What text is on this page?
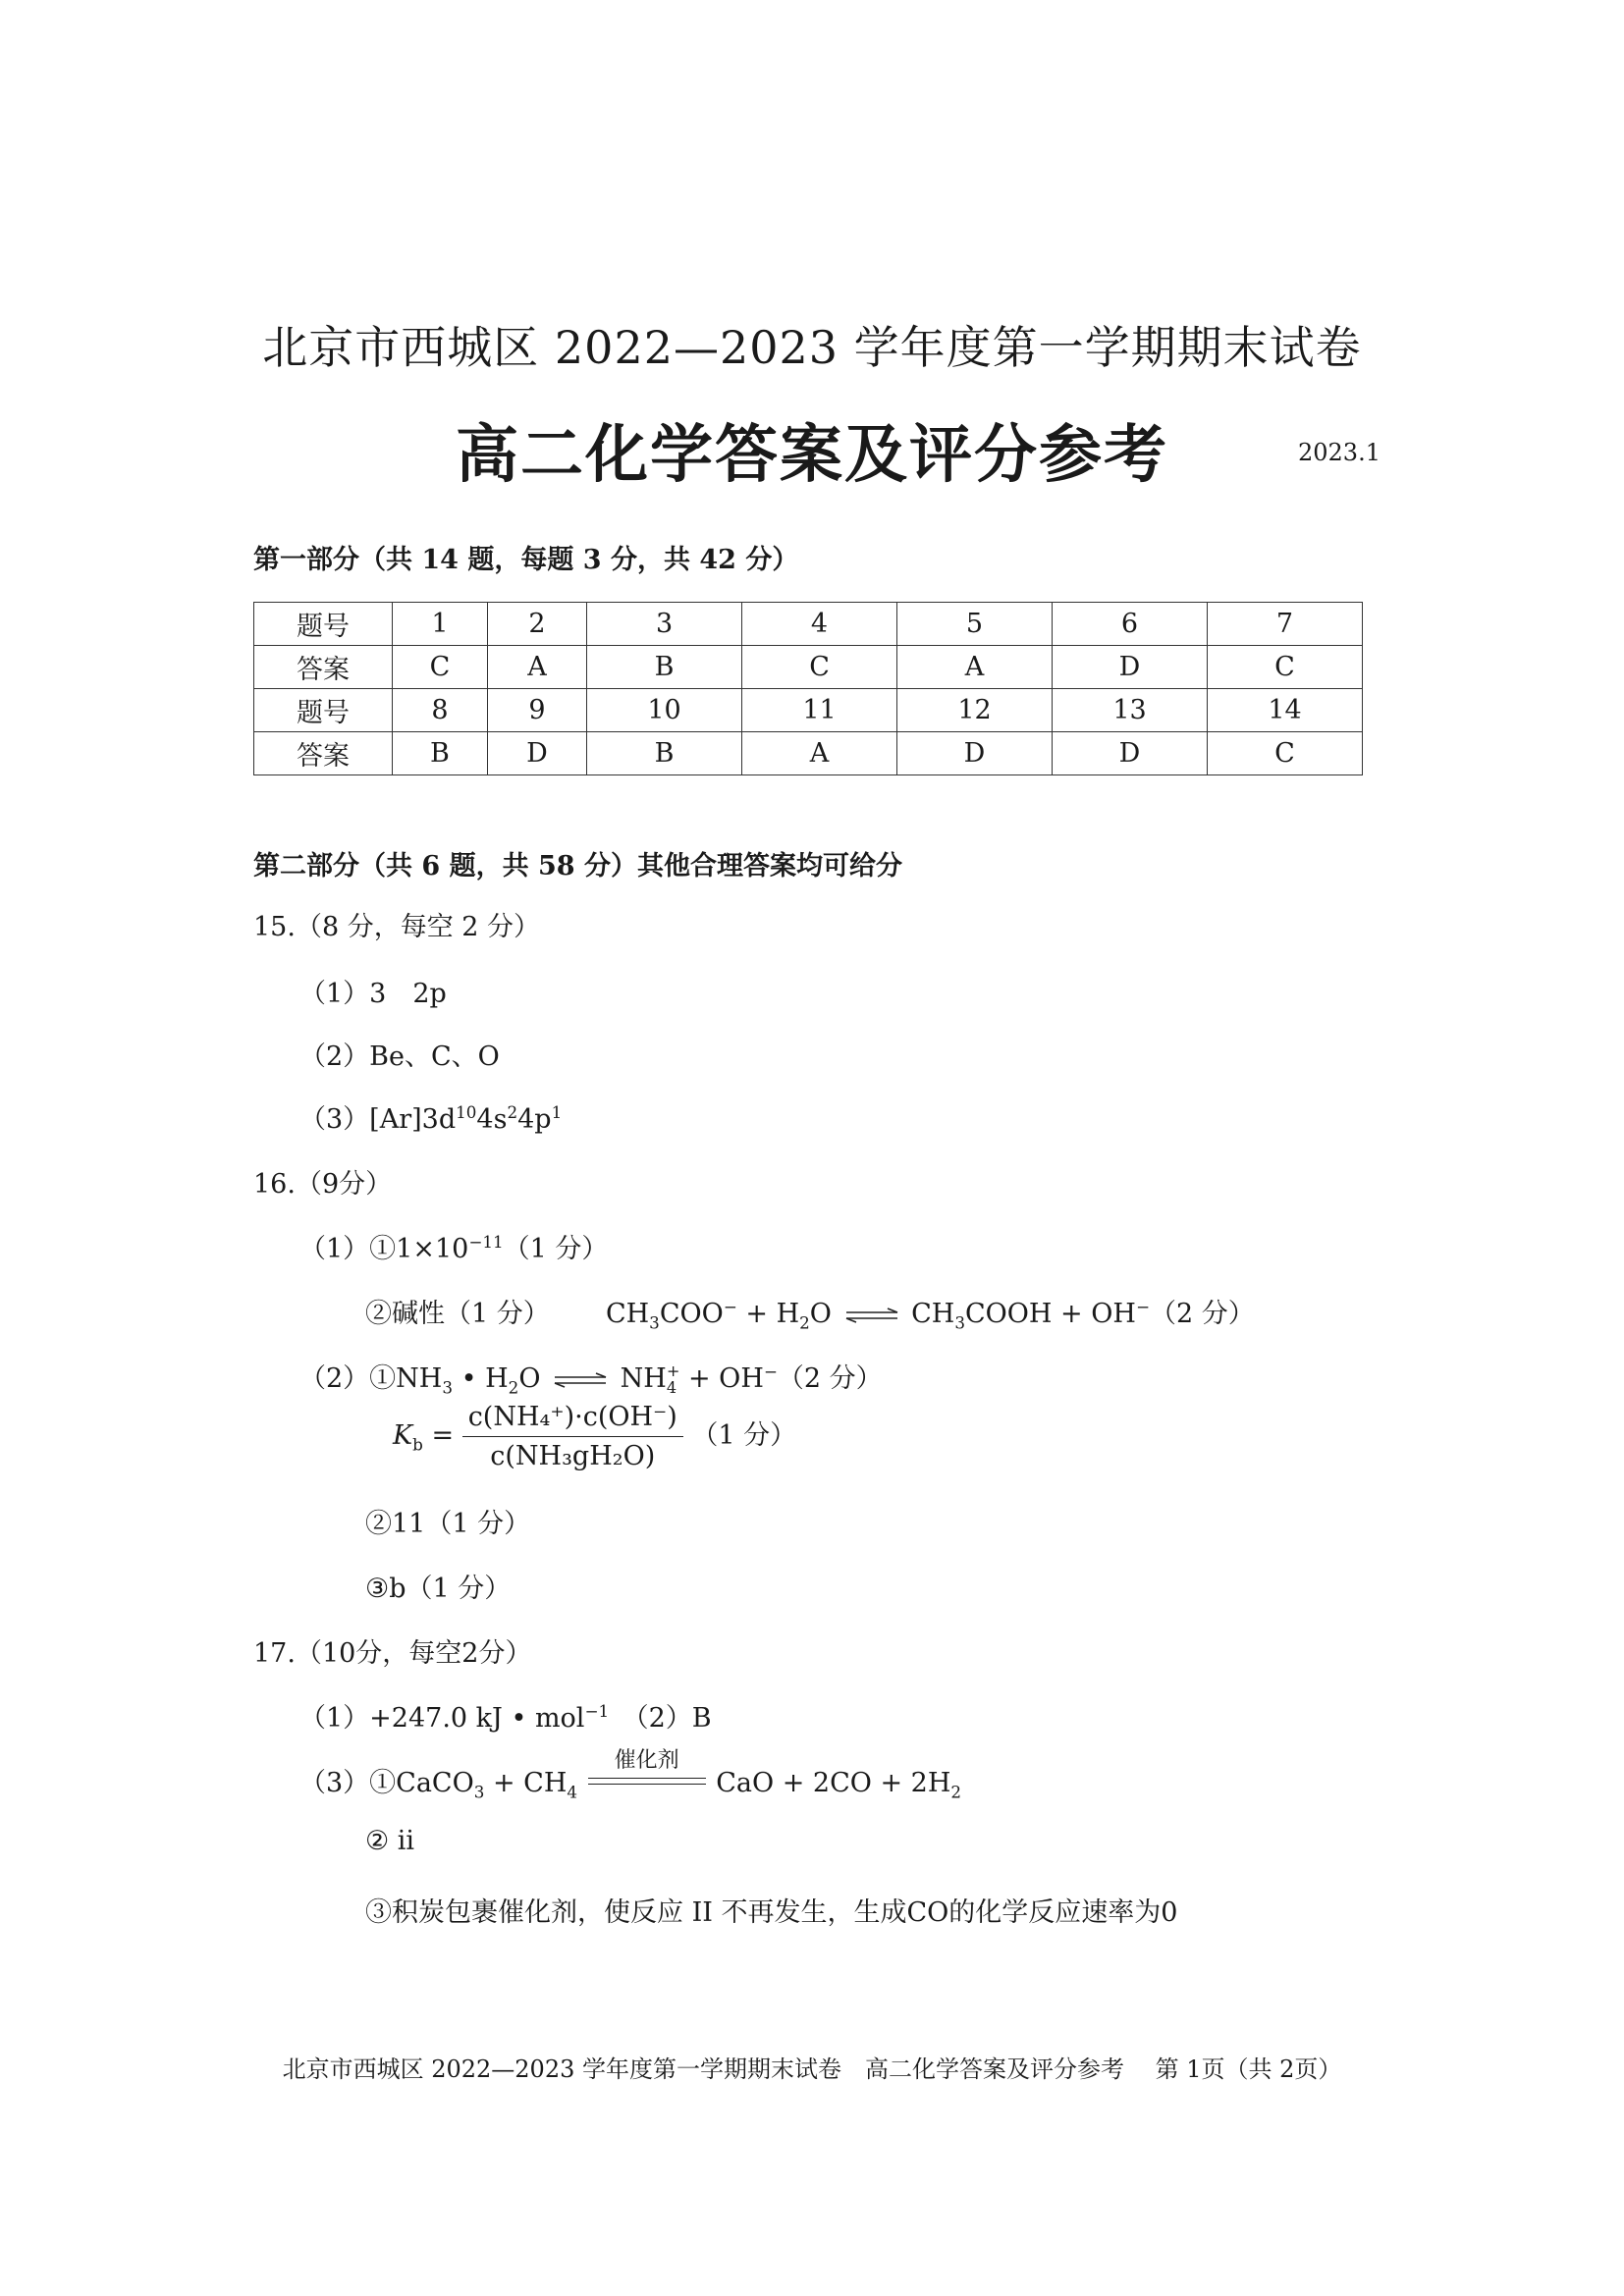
北京市西城区 2022—2023 学年度第一学期期末试卷
高二化学答案及评分参考	2023.1
第一部分（共 14 题，每题 3 分，共 42 分）
题号	1	2	3	4	5	6	7
答案	C	A	B	C	A	D	C
题号	8	9	10	11	12	13	14
答案	B	D	B	A	D	D	C
第二部分（共 6 题，共 58 分）其他合理答案均可给分
15.（8 分，每空 2 分）
（1）3　2p
（2）Be、C、O
$(3)[Ar]3d^{10}4s^24p^1$
16.（9分）
$(1)①1\times 10^{-11}(1$ 分）
②碱性（1 分） $CH_3COO^- + H_2O$ ⇌ $CH_3COOH + OH^-(2$ 分）
$(2)①NH_3$ • $H_2O$ ⇌ NH +
4 + OH−（2 分）
$K_b = \frac{\text{c(NH₄⁺)·c(OH⁻)}}{\text{c(NH₃gH₂O)}} (1$ 分）
②11（1 分）
③b（1 分）
17.（10分，每空2分）
（1）+247.0 kJ • mol$^{-1}$　（2）B
（3）①CaCO$_3$ + $CH_4$
催化剂
CaO + $2CO + 2H_2$
② ii
③积炭包裹催化剂，使反应 II 不再发生，生成CO的化学反应速率为0
北京市西城区 2022—2023 学年度第一学期期末试卷　高二化学答案及评分参考　 第 1页（共 2页）
